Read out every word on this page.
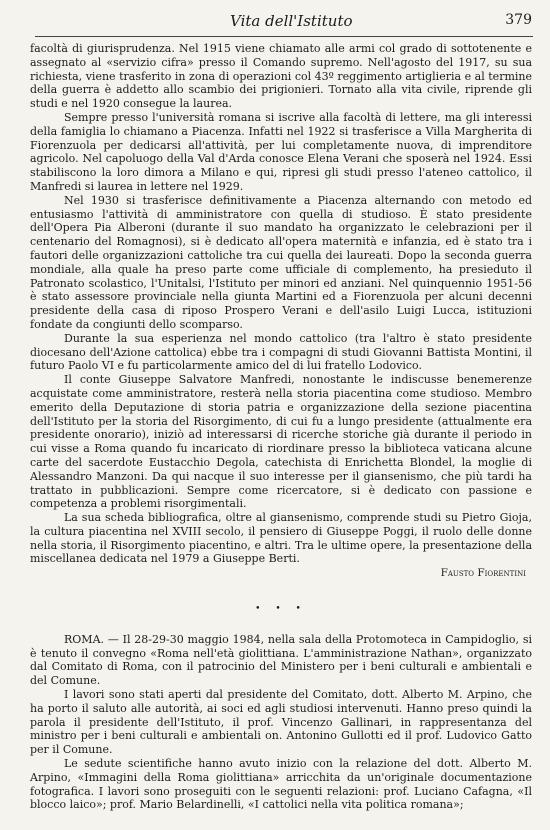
Vita dell'Istituto	379

facoltà di giurisprudenza. Nel 1915 viene chiamato alle armi col grado di sottotenente e assegnato al «servizio cifra» presso il Comando supremo. Nell'agosto del 1917, su sua richiesta, viene trasferito in zona di operazioni col 43º reggimento artiglieria e al termine della guerra è addetto allo scambio dei prigionieri. Tornato alla vita civile, riprende gli studi e nel 1920 consegue la laurea.

Sempre presso l'università romana si iscrive alla facoltà di lettere, ma gli interessi della famiglia lo chiamano a Piacenza. Infatti nel 1922 si trasferisce a Villa Margherita di Fiorenzuola per dedicarsi all'attività, per lui completamente nuova, di imprenditore agricolo. Nel capoluogo della Val d'Arda conosce Elena Verani che sposerà nel 1924. Essi stabiliscono la loro dimora a Milano e qui, ripresi gli studi presso l'ateneo cattolico, il Manfredi si laurea in lettere nel 1929.

Nel 1930 si trasferisce definitivamente a Piacenza alternando con metodo ed entusiasmo l'attività di amministratore con quella di studioso. È stato presidente dell'Opera Pia Alberoni (durante il suo mandato ha organizzato le celebrazioni per il centenario del Romagnosi), si è dedicato all'opera maternità e infanzia, ed è stato tra i fautori delle organizzazioni cattoliche tra cui quella dei laureati. Dopo la seconda guerra mondiale, alla quale ha preso parte come ufficiale di complemento, ha presieduto il Patronato scolastico, l'Unitalsi, l'Istituto per minori ed anziani. Nel quinquennio 1951-56 è stato assessore provinciale nella giunta Martini ed a Fiorenzuola per alcuni decenni presidente della casa di riposo Prospero Verani e dell'asilo Luigi Lucca, istituzioni fondate da congiunti dello scomparso.

Durante la sua esperienza nel mondo cattolico (tra l'altro è stato presidente diocesano dell'Azione cattolica) ebbe tra i compagni di studi Giovanni Battista Montini, il futuro Paolo VI e fu particolarmente amico del di lui fratello Lodovico.

Il conte Giuseppe Salvatore Manfredi, nonostante le indiscusse benemerenze acquistate come amministratore, resterà nella storia piacentina come studioso. Membro emerito della Deputazione di storia patria e organizzazione della sezione piacentina dell'Istituto per la storia del Risorgimento, di cui fu a lungo presidente (attualmente era presidente onorario), iniziò ad interessarsi di ricerche storiche già durante il periodo in cui visse a Roma quando fu incaricato di riordinare presso la biblioteca vaticana alcune carte del sacerdote Eustacchio Degola, catechista di Enrichetta Blondel, la moglie di Alessandro Manzoni. Da qui nacque il suo interesse per il giansenismo, che più tardi ha trattato in pubblicazioni. Sempre come ricercatore, si è dedicato con passione e competenza a problemi risorgimentali.

La sua scheda bibliografica, oltre al giansenismo, comprende studi su Pietro Gioja, la cultura piacentina nel XVIII secolo, il pensiero di Giuseppe Poggi, il ruolo delle donne nella storia, il Risorgimento piacentino, e altri. Tra le ultime opere, la presentazione della miscellanea dedicata nel 1979 a Giuseppe Berti.

Fausto Fiorentini
• • •

ROMA. — Il 28-29-30 maggio 1984, nella sala della Protomoteca in Campidoglio, si è tenuto il convegno «Roma nell'età giolittiana. L'amministrazione Nathan», organizzato dal Comitato di Roma, con il patrocinio del Ministero per i beni culturali e ambientali e del Comune.

I lavori sono stati aperti dal presidente del Comitato, dott. Alberto M. Arpino, che ha porto il saluto alle autorità, ai soci ed agli studiosi intervenuti. Hanno preso quindi la parola il presidente dell'Istituto, il prof. Vincenzo Gallinari, in rappresentanza del ministro per i beni culturali e ambientali on. Antonino Gullotti ed il prof. Ludovico Gatto per il Comune.

Le sedute scientifiche hanno avuto inizio con la relazione del dott. Alberto M. Arpino, «Immagini della Roma giolittiana» arricchita da un'originale documentazione fotografica. I lavori sono proseguiti con le seguenti relazioni: prof. Luciano Cafagna, «Il blocco laico»; prof. Mario Belardinelli, «I cattolici nella vita politica romana»;
